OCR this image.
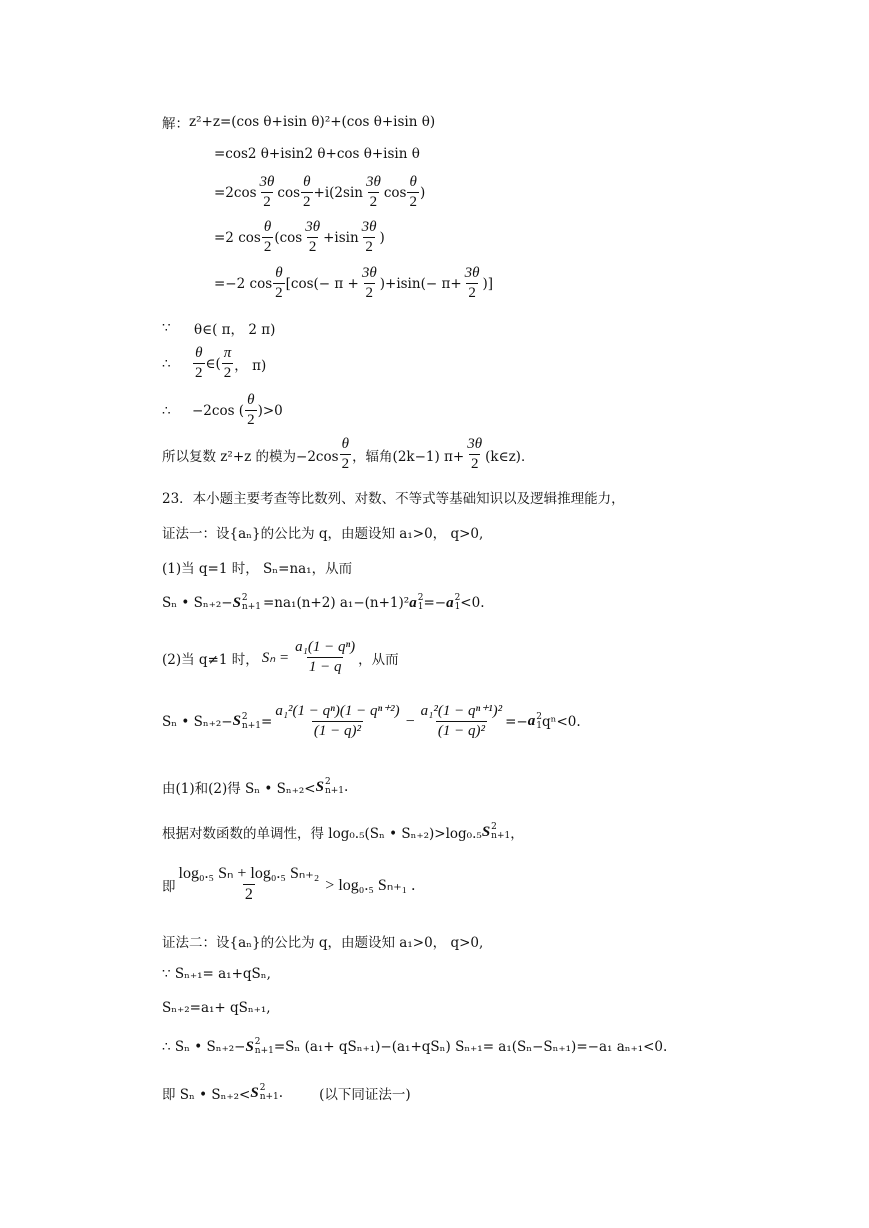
解： z²+z=(cos θ+isin θ)²+(cos θ+isin θ)
=cos2 θ+isin2 θ+cos θ+isin θ
$=2\cos \frac{3\theta}{2}$ $\cos \frac{\theta}{2} +i(2\sin \frac{3\theta}{2}$ $\cos \frac{\theta}{2}$ )
=2 $\cos \frac{\theta}{2} (\cos \frac{3\theta}{2} +isin \frac{3\theta}{2}$ )
=−2 $\cos \frac{\theta}{2} [\cos(- \pi + \frac{3\theta}{2} )+isin(- \pi+ \frac{3\theta}{2}$ )]
∵	θ∈( π， 2 π)
∴	$\frac{\theta}{2}$ ∈( $\frac{\pi}{2}$ ， π)
∴	−2cos ( $\frac{\theta}{2} )>0$
所以复数 z²+z 的模为$-2\cos \frac{\theta}{2}$ ，辐角(2k−1) $\pi+ \frac{3\theta}{2}$ (k∈z)．
23．本小题主要考查等比数列、对数、不等式等基础知识以及逻辑推理能力，
证法一：设{aₙ}的公比为 q，由题设知 a₁>0， q>0,
(1)当 q=1 时， Sₙ=na₁，从而
Sₙ • Sₙ₊₂− S 2
n+1 =na₁(n+2) a₁−(n+1)² a 2
1 =− a 2
1 <0.
(2)当 q≠1 时， $S_n = \frac{\text{a₁(1 − qⁿ)}}{1 - q}$ ，从而
Sₙ • Sₙ₊₂− S 2
$n+1 = \frac{\text{a₁²(1 − qⁿ)(1 − qⁿ⁺²)}}{\text{(1 − q)²}} - \frac{\text{a₁²(1 − qⁿ⁺¹)²}}{\text{(1 − q)²}} =- a$ 2
1 qⁿ<0.
由(1)和(2)得 Sₙ • Sₙ₊₂< S 2
n+1 .
根据对数函数的单调性，得 log₀.₅(Sₙ • Sₙ₊₂)>log₀.₅ S 2
n+1 ，
即 $\frac{\text{log₀.₅ Sₙ + log₀.₅ Sₙ₊₂}}{2} > \log_0._5$ Sₙ₊₁ .
证法二：设{aₙ}的公比为 q，由题设知 a₁>0， q>0,
∵ Sₙ₊₁= a₁+qSₙ,
Sₙ₊₂=a₁+ qSₙ₊₁,
∴ Sₙ • Sₙ₊₂− S 2
n+1 =Sₙ (a₁+ qSₙ₊₁)−(a₁+qSₙ) Sₙ₊₁= a₁(Sₙ−Sₙ₊₁)=−a₁ aₙ₊₁<0.
即 Sₙ • Sₙ₊₂< S 2
n+1 .	(以下同证法一)
